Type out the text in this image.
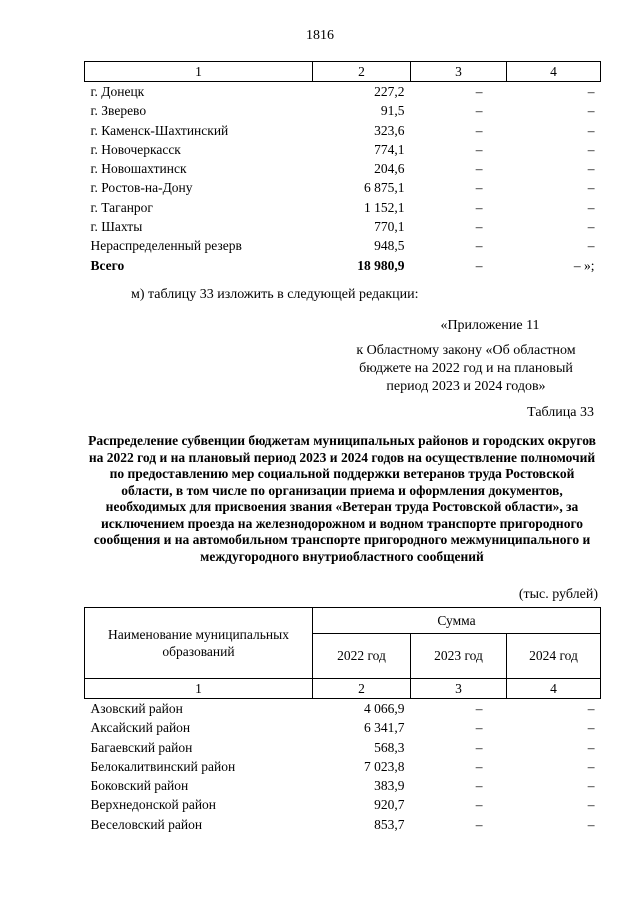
1816
1	2	3	4
г. Донецк	227,2	–	–
г. Зверево	91,5	–	–
г. Каменск-Шахтинский	323,6	–	–
г. Новочеркасск	774,1	–	–
г. Новошахтинск	204,6	–	–
г. Ростов-на-Дону	6 875,1	–	–
г. Таганрог	1 152,1	–	–
г. Шахты	770,1	–	–
Нераспределенный резерв	948,5	–	–
Всего	18 980,9	–	– »;
м) таблицу 33 изложить в следующей редакции:
«Приложение 11
к Областному закону «Об областном бюджете на 2022 год и на плановый период 2023 и 2024 годов»
Таблица 33
Распределение субвенции бюджетам муниципальных районов и городских округов на 2022 год и на плановый период 2023 и 2024 годов на осуществление полномочий по предоставлению мер социальной поддержки ветеранов труда Ростовской области, в том числе по организации приема и оформления документов, необходимых для присвоения звания «Ветеран труда Ростовской области», за исключением проезда на железнодорожном и водном транспорте пригородного сообщения и на автомобильном транспорте пригородного межмуниципального и междугородного внутриобластного сообщений
(тыс. рублей)
Наименование муниципальных образований	Сумма		
	2022 год	2023 год	2024 год
1	2	3	4
Азовский район	4 066,9	–	–
Аксайский район	6 341,7	–	–
Багаевский район	568,3	–	–
Белокалитвинский район	7 023,8	–	–
Боковский район	383,9	–	–
Верхнедонской район	920,7	–	–
Веселовский район	853,7	–	–
